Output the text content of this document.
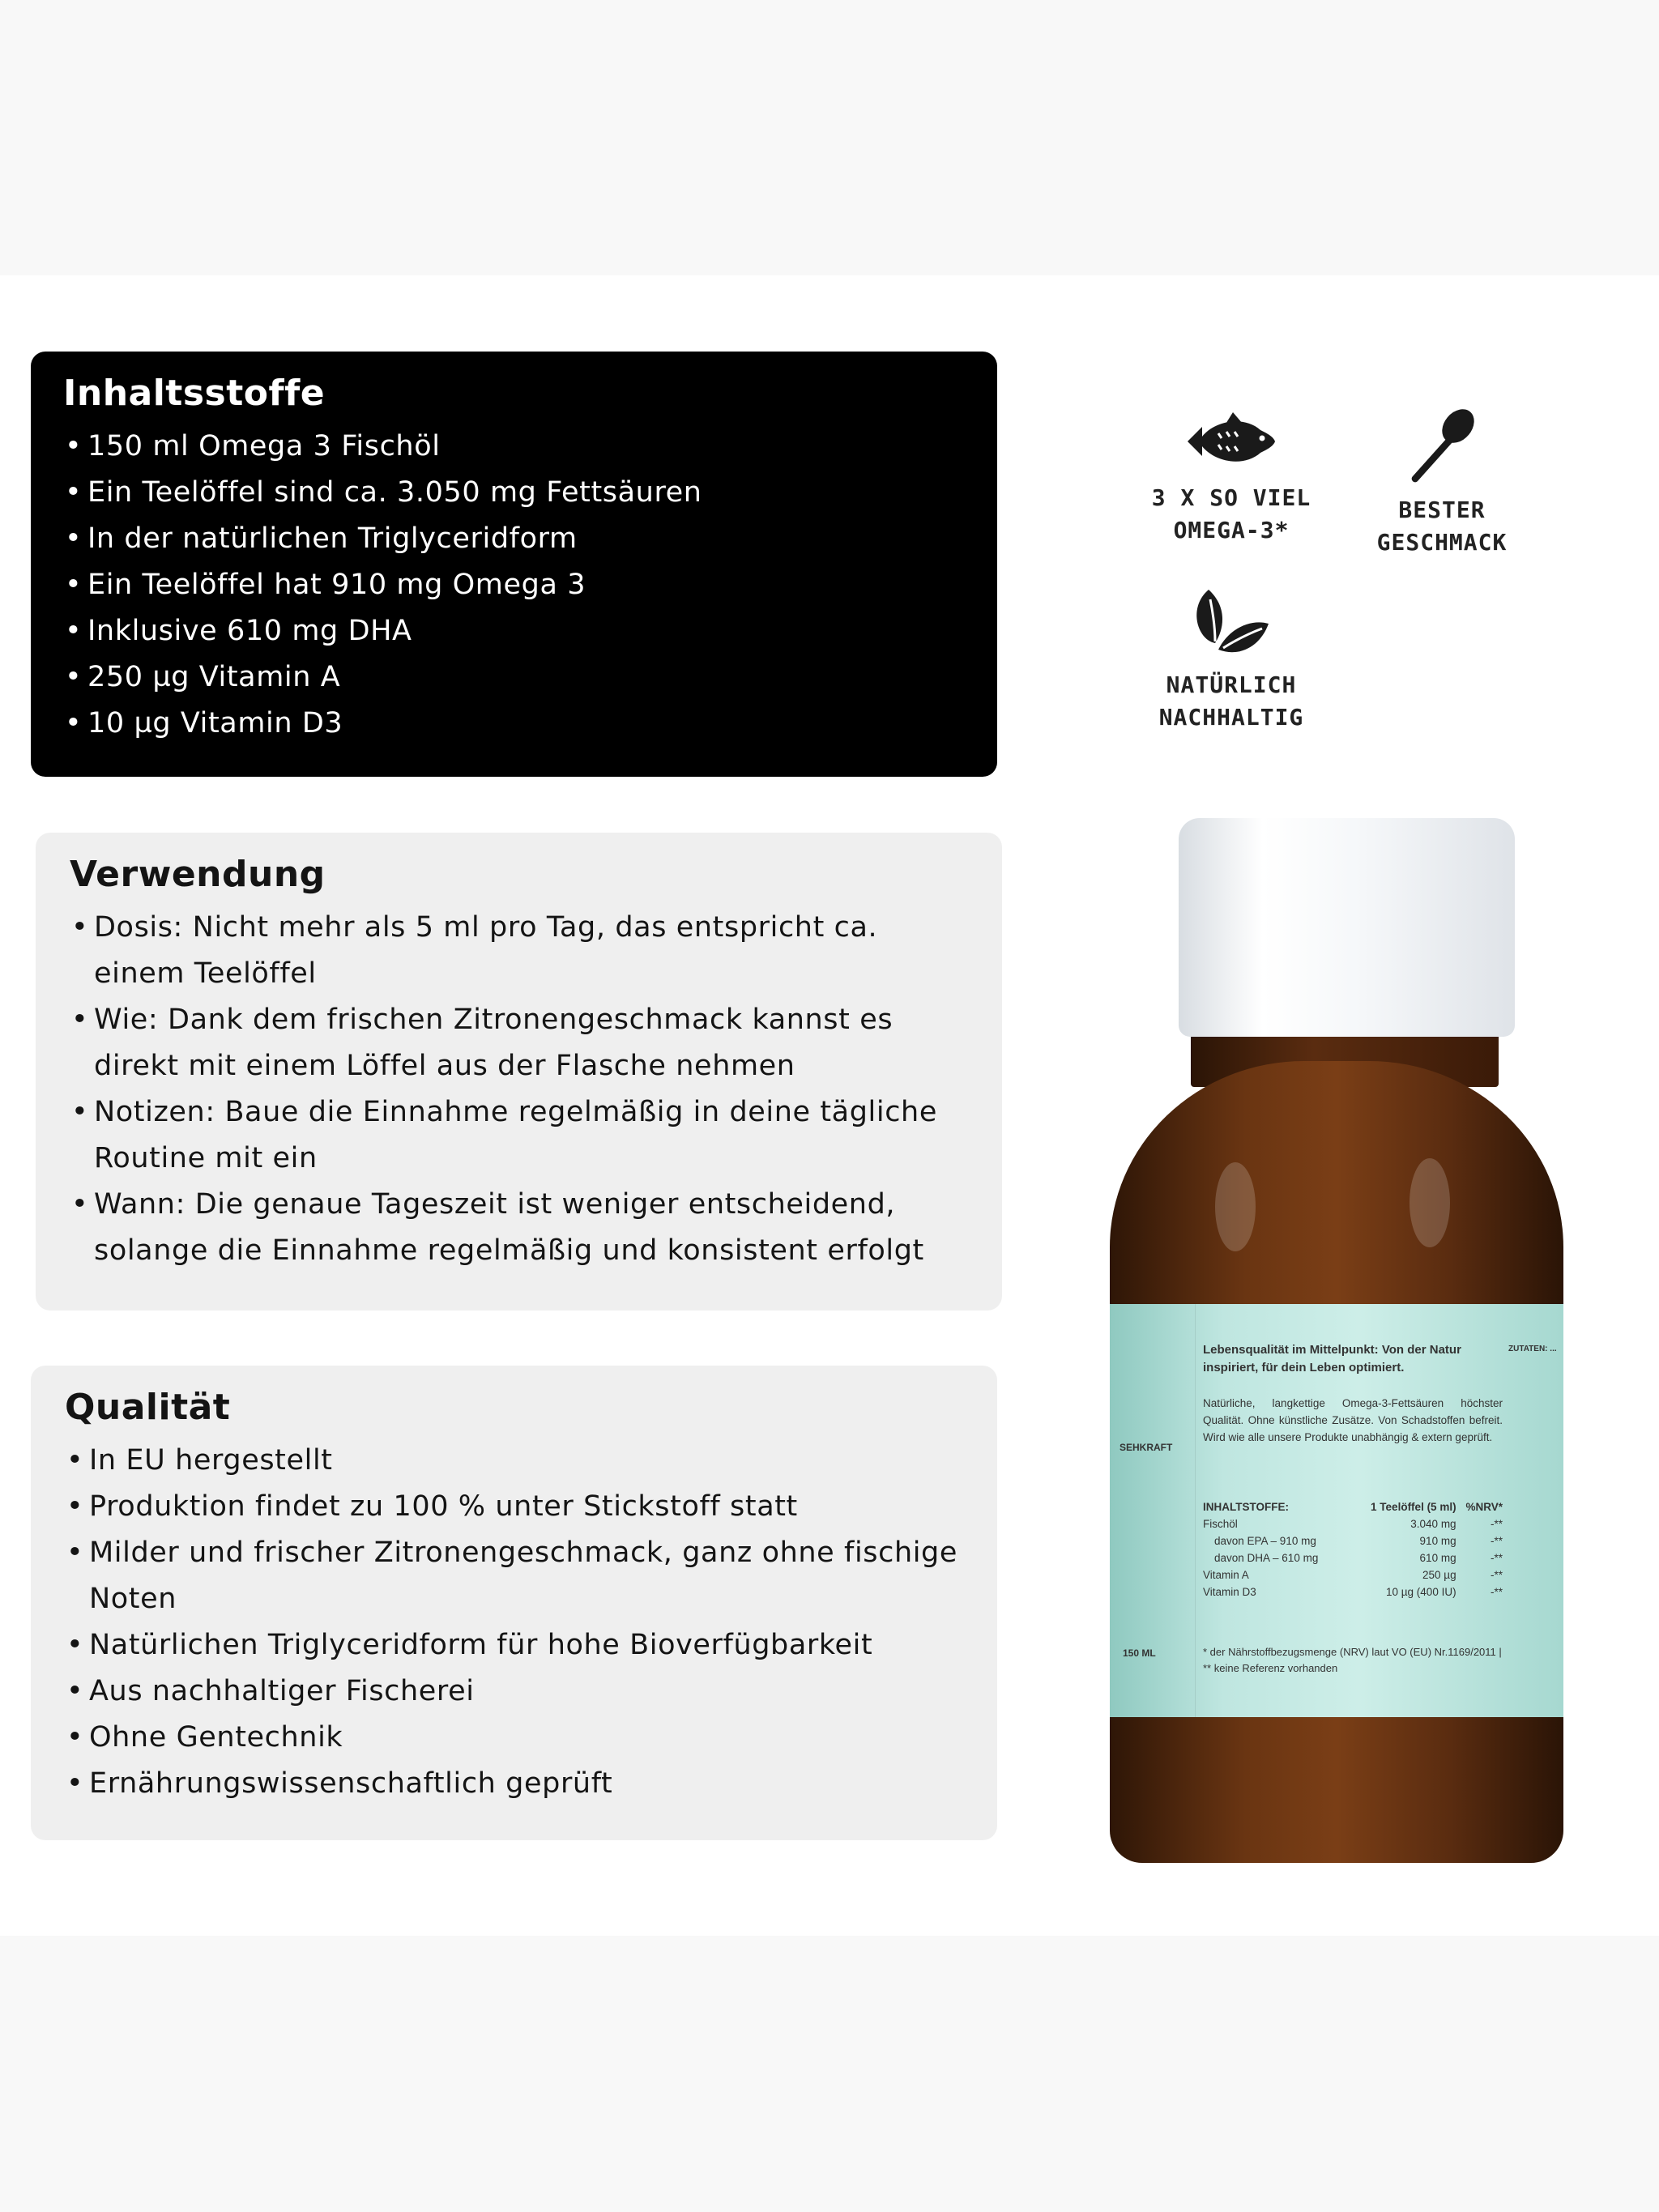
Inhaltsstoffe
• 150 ml Omega 3 Fischöl
• Ein Teelöffel sind ca. 3.050 mg Fettsäuren
• In der natürlichen Triglyceridform
• Ein Teelöffel hat 910 mg Omega 3
• Inklusive 610 mg DHA
• 250 µg Vitamin A
• 10 µg Vitamin D3
Verwendung
• Dosis: Nicht mehr als 5 ml pro Tag, das entspricht ca. einem Teelöffel
• Wie: Dank dem frischen Zitronengeschmack kannst es direkt mit einem Löffel aus der Flasche nehmen
• Notizen: Baue die Einnahme regelmäßig in deine tägliche Routine mit ein
• Wann: Die genaue Tageszeit ist weniger entscheidend, solange die Einnahme regelmäßig und konsistent erfolgt
Qualität
• In EU hergestellt
• Produktion findet zu 100 % unter Stickstoff statt
• Milder und frischer Zitronengeschmack, ganz ohne fischige Noten
• Natürlichen Triglyceridform für hohe Bioverfügbarkeit
• Aus nachhaltiger Fischerei
• Ohne Gentechnik
• Ernährungswissenschaftlich geprüft
3 X SO VIEL
OMEGA-3*
BESTER
GESCHMACK
NATÜRLICH
NACHHALTIG
SEHKRAFT
Lebensqualität im Mittelpunkt: Von der Natur inspiriert, für dein Leben optimiert.
Natürliche, langkettige Omega-3-Fettsäuren höchster Qualität. Ohne künstliche Zusätze. Von Schadstoffen befreit. Wird wie alle unsere Produkte unabhängig & extern geprüft.
INHALTSTOFFE:	1 Teelöffel (5 ml)	%NRV*
Fischöl	3.040 mg	-**
davon EPA – 910 mg	910 mg	-**
davon DHA – 610 mg	610 mg	-**
Vitamin A	250 µg	-**
Vitamin D3	10 µg (400 IU)	-**
* der Nährstoffbezugsmenge (NRV) laut VO (EU) Nr.1169/2011 | ** keine Referenz vorhanden
150 ML
ZUTATEN: ...
